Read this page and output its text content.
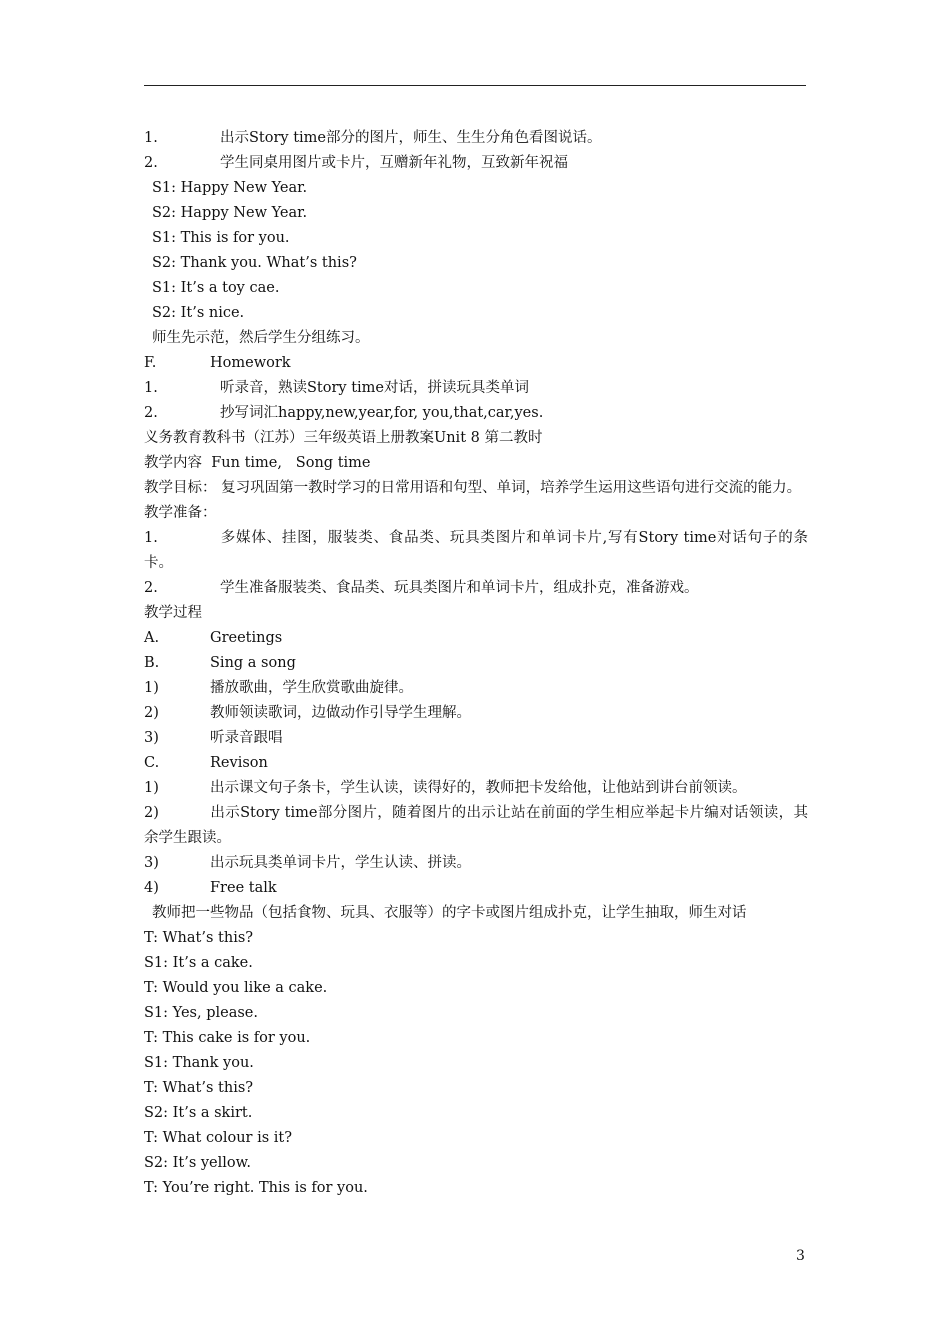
1.	出示Story time部分的图片，师生、生生分角色看图说话。
2.	学生同桌用图片或卡片，互赠新年礼物，互致新年祝福
S1: Happy New Year.
S2: Happy New Year.
S1: This is for you.
S2: Thank you. What’s this?
S1: It’s a toy cae.
S2: It’s nice.
师生先示范，然后学生分组练习。
F.	Homework
1.	听录音，熟读Story time对话，拼读玩具类单词
2.	抄写词汇happy,new,year,for, you,that,car,yes.
义务教育教科书（江苏）三年级英语上册教案Unit 8 第二教时
教学内容  Fun time,   Song time
教学目标： 复习巩固第一教时学习的日常用语和句型、单词，培养学生运用这些语句进行交流的能力。
教学准备：
1.	多媒体、挂图，服装类、食品类、玩具类图片和单词卡片,写有Story time对话句子的条卡。
2.	学生准备服装类、食品类、玩具类图片和单词卡片，组成扑克，准备游戏。
教学过程
A.	Greetings
B.	Sing a song
1)	播放歌曲，学生欣赏歌曲旋律。
2)	教师领读歌词，边做动作引导学生理解。
3)	听录音跟唱
C.	Revison
1)	出示课文句子条卡，学生认读，读得好的，教师把卡发给他，让他站到讲台前领读。
2)	出示Story time部分图片，随着图片的出示让站在前面的学生相应举起卡片编对话领读，其余学生跟读。
3)	出示玩具类单词卡片，学生认读、拼读。
4)	Free talk
教师把一些物品（包括食物、玩具、衣服等）的字卡或图片组成扑克，让学生抽取，师生对话
T: What’s this?
S1: It’s a cake.
T: Would you like a cake.
S1: Yes, please.
T: This cake is for you.
S1: Thank you.
T: What’s this?
S2: It’s a skirt.
T: What colour is it?
S2: It’s yellow.
T: You’re right. This is for you.
3
